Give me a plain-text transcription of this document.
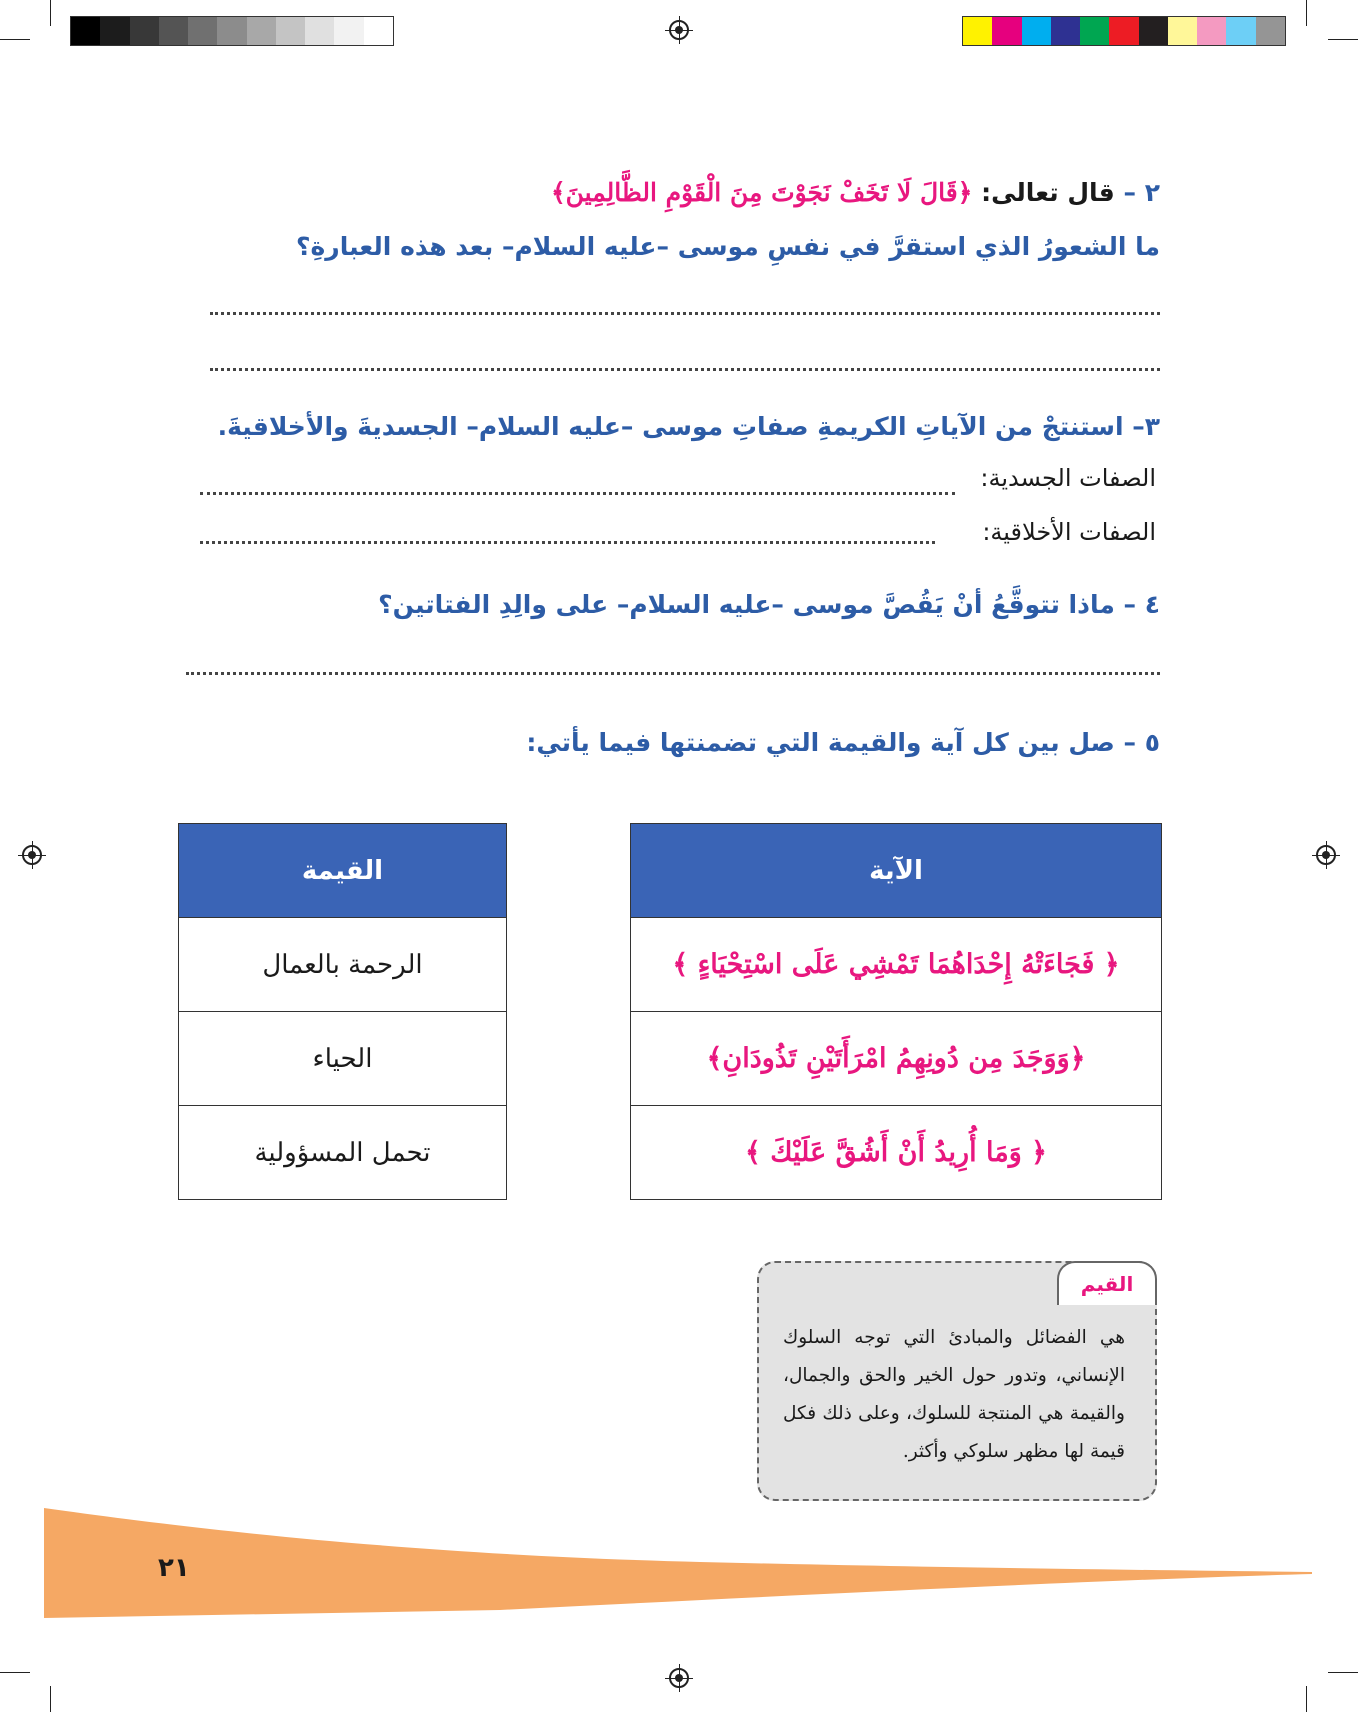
٢ – قال تعالى: ﴿قَالَ لَا تَخَفْ نَجَوْتَ مِنَ الْقَوْمِ الظَّالِمِينَ﴾
ما الشعورُ الذي استقرَّ في نفسِ موسى –عليه السلام– بعد هذه العبارةِ؟
٣– استنتجْ من الآياتِ الكريمةِ صفاتِ موسى –عليه السلام– الجسديةَ والأخلاقيةَ.
الصفات الجسدية:
الصفات الأخلاقية:
٤ – ماذا تتوقَّعُ أنْ يَقُصَّ موسى –عليه السلام– على والِدِ الفتاتين؟
٥ – صل بين كل آية والقيمة التي تضمنتها فيما يأتي:
القيمة
الرحمة بالعمال
الحياء
تحمل المسؤولية
الآية
﴿ فَجَاءَتْهُ إِحْدَاهُمَا تَمْشِي عَلَى اسْتِحْيَاءٍ ﴾
﴿وَوَجَدَ مِن دُونِهِمُ امْرَأَتَيْنِ تَذُودَانِ﴾
﴿ وَمَا أُرِيدُ أَنْ أَشُقَّ عَلَيْكَ ﴾
القيم
هي الفضائل والمبادئ التي توجه السلوك الإنساني، وتدور حول الخير والحق والجمال، والقيمة هي المنتجة للسلوك، وعلى ذلك فكل قيمة لها مظهر سلوكي وأكثر.
٢١
